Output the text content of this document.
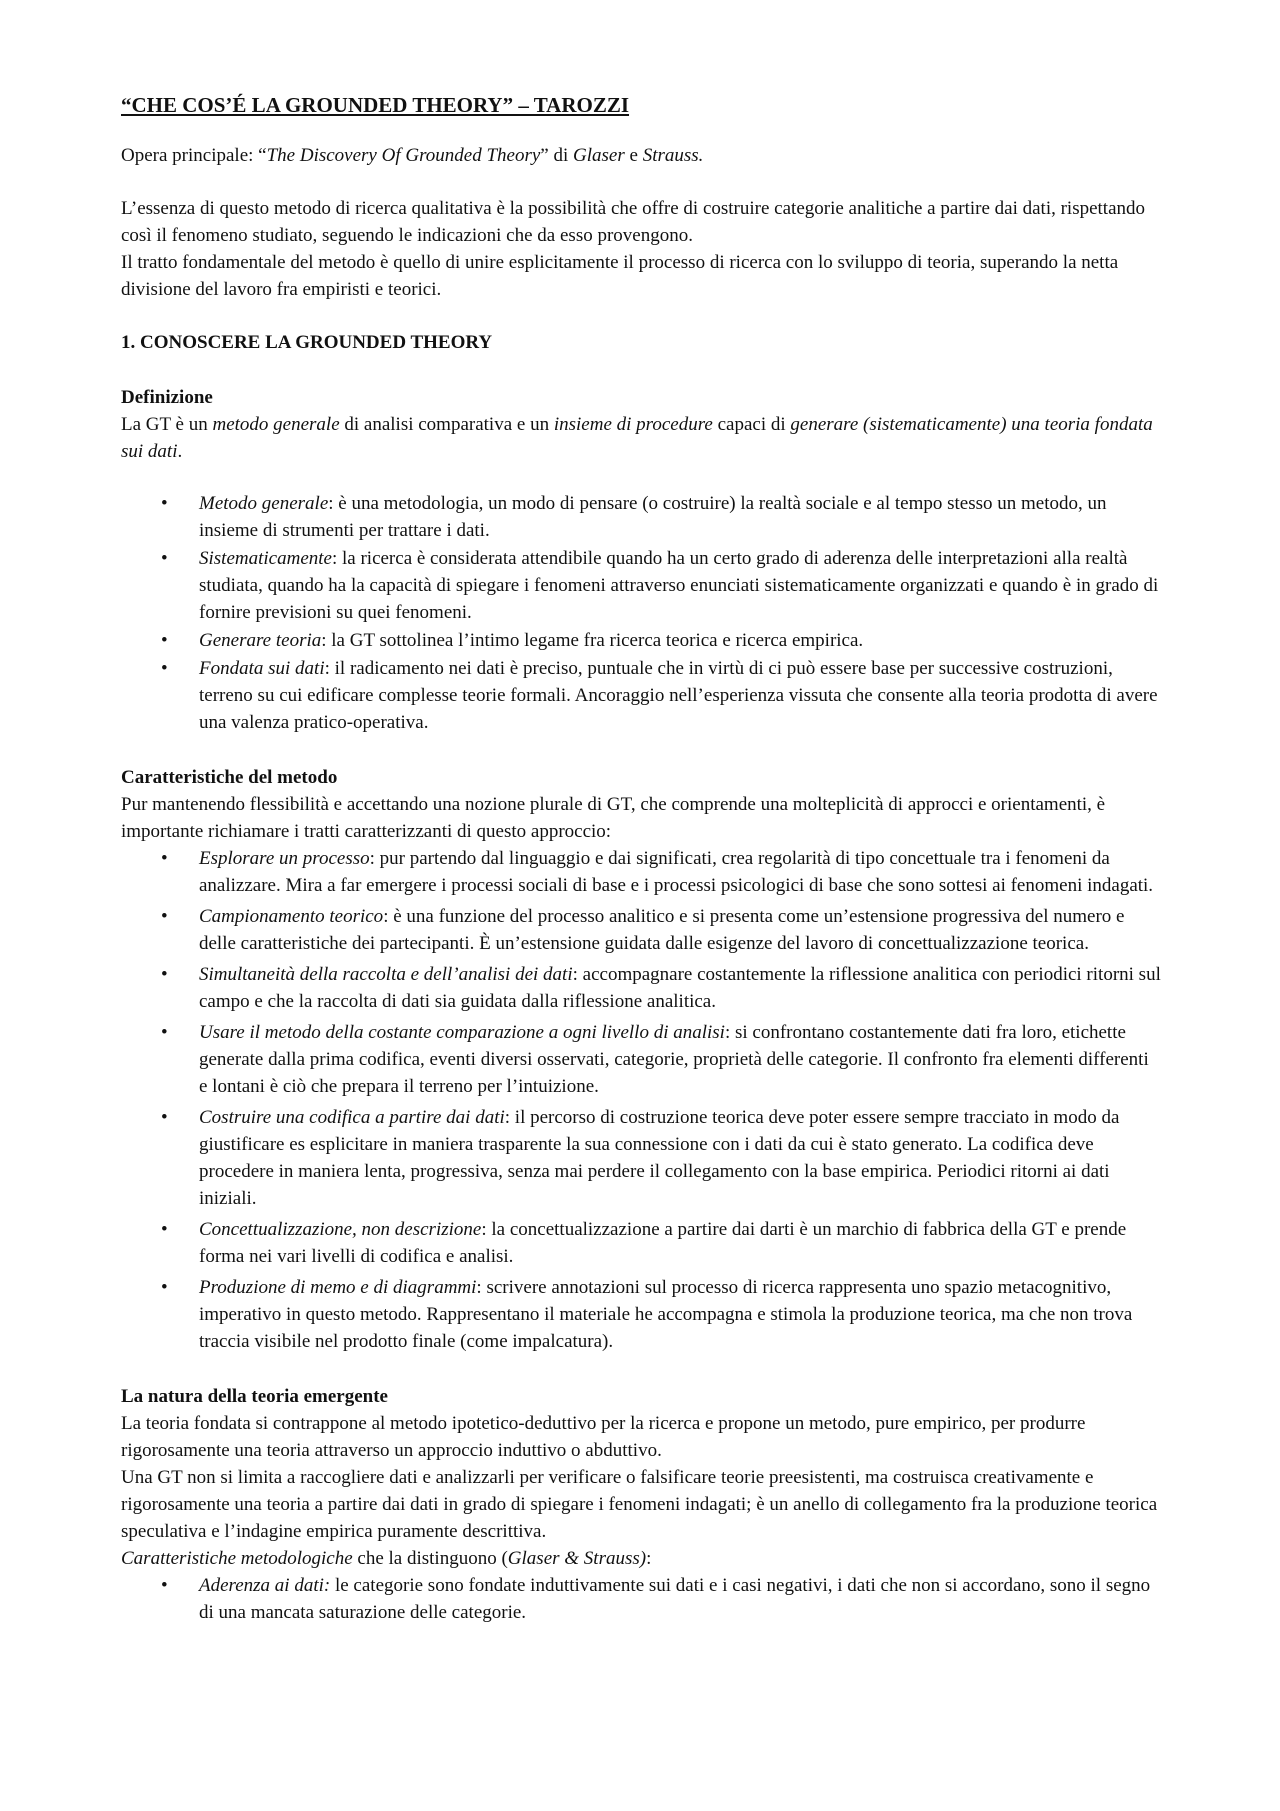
“CHE COS’É LA GROUNDED THEORY” – TAROZZI

Opera principale: “The Discovery Of Grounded Theory” di Glaser e Strauss.

L’essenza di questo metodo di ricerca qualitativa è la possibilità che offre di costruire categorie analitiche a partire dai dati, rispettando così il fenomeno studiato, seguendo le indicazioni che da esso provengono.

Il tratto fondamentale del metodo è quello di unire esplicitamente il processo di ricerca con lo sviluppo di teoria, superando la netta divisione del lavoro fra empiristi e teorici.

1. CONOSCERE LA GROUNDED THEORY

Definizione

La GT è un metodo generale di analisi comparativa e un insieme di procedure capaci di generare (sistematicamente) una teoria fondata sui dati.

• Metodo generale: è una metodologia, un modo di pensare (o costruire) la realtà sociale e al tempo stesso un metodo, un insieme di strumenti per trattare i dati.
• Sistematicamente: la ricerca è considerata attendibile quando ha un certo grado di aderenza delle interpretazioni alla realtà studiata, quando ha la capacità di spiegare i fenomeni attraverso enunciati sistematicamente organizzati e quando è in grado di fornire previsioni su quei fenomeni.
• Generare teoria: la GT sottolinea l’intimo legame fra ricerca teorica e ricerca empirica.
• Fondata sui dati: il radicamento nei dati è preciso, puntuale che in virtù di ci può essere base per successive costruzioni, terreno su cui edificare complesse teorie formali. Ancoraggio nell’esperienza vissuta che consente alla teoria prodotta di avere una valenza pratico-operativa.

Caratteristiche del metodo

Pur mantenendo flessibilità e accettando una nozione plurale di GT, che comprende una molteplicità di approcci e orientamenti, è importante richiamare i tratti caratterizzanti di questo approccio:

• Esplorare un processo: pur partendo dal linguaggio e dai significati, crea regolarità di tipo concettuale tra i fenomeni da analizzare. Mira a far emergere i processi sociali di base e i processi psicologici di base che sono sottesi ai fenomeni indagati.
• Campionamento teorico: è una funzione del processo analitico e si presenta come un’estensione progressiva del numero e delle caratteristiche dei partecipanti. È un’estensione guidata dalle esigenze del lavoro di concettualizzazione teorica.
• Simultaneità della raccolta e dell’analisi dei dati: accompagnare costantemente la riflessione analitica con periodici ritorni sul campo e che la raccolta di dati sia guidata dalla riflessione analitica.
• Usare il metodo della costante comparazione a ogni livello di analisi: si confrontano costantemente dati fra loro, etichette generate dalla prima codifica, eventi diversi osservati, categorie, proprietà delle categorie. Il confronto fra elementi differenti e lontani è ciò che prepara il terreno per l’intuizione.
• Costruire una codifica a partire dai dati: il percorso di costruzione teorica deve poter essere sempre tracciato in modo da giustificare es esplicitare in maniera trasparente la sua connessione con i dati da cui è stato generato. La codifica deve procedere in maniera lenta, progressiva, senza mai perdere il collegamento con la base empirica. Periodici ritorni ai dati iniziali.
• Concettualizzazione, non descrizione: la concettualizzazione a partire dai darti è un marchio di fabbrica della GT e prende forma nei vari livelli di codifica e analisi.
• Produzione di memo e di diagrammi: scrivere annotazioni sul processo di ricerca rappresenta uno spazio metacognitivo, imperativo in questo metodo. Rappresentano il materiale he accompagna e stimola la produzione teorica, ma che non trova traccia visibile nel prodotto finale (come impalcatura).

La natura della teoria emergente

La teoria fondata si contrappone al metodo ipotetico-deduttivo per la ricerca e propone un metodo, pure empirico, per produrre rigorosamente una teoria attraverso un approccio induttivo o abduttivo.

Una GT non si limita a raccogliere dati e analizzarli per verificare o falsificare teorie preesistenti, ma costruisca creativamente e rigorosamente una teoria a partire dai dati in grado di spiegare i fenomeni indagati; è un anello di collegamento fra la produzione teorica speculativa e l’indagine empirica puramente descrittiva.

Caratteristiche metodologiche che la distinguono (Glaser & Strauss):

• Aderenza ai dati: le categorie sono fondate induttivamente sui dati e i casi negativi, i dati che non si accordano, sono il segno di una mancata saturazione delle categorie.
